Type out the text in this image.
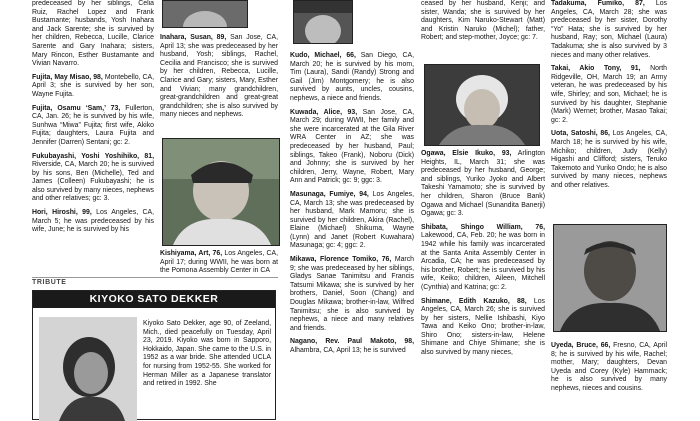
predeceased by her siblings, Celia Ruiz, Rachel Lopez and Frank Bustamante; husbands, Yosh Inahara and Jack Sarente; she is survived by her children, Rebecca, Lucille, Clarice Sarente and Gary Inahara; sisters, Mary Rincon, Esther Bustamante and Vivian Navarro.

Fujita, May Misao, 98, Montebello, CA, April 3; she is survived by her son, Wayne Fujita.

Fujita, Osamu ‘Sam,’ 73, Fullerton, CA, Jan. 26; he is survived by his wife, Sunhwa “Miwa” Fujita; first wife, Akiko Fujita; daughters, Laura Fujita and Jennifer (Darren) Sentani; gc: 2.

Fukubayashi, Yoshi Yoshihiko, 81, Riverside, CA, March 20; he is survived by his sons, Ben (Michelle), Ted and James (Colleen) Fukubayashi; he is also survived by many nieces, nephews and other relatives; gc: 3.

Hori, Hiroshi, 99, Los Angeles, CA, March 5; he was predeceased by his wife, June; he is survived by his

TRIBUTE
KIYOKO SATO DEKKER
Kiyoko Sato Dekker, age 90, of Zeeland, Mich., died peacefully on Tuesday, April 23, 2019. Kiyoko was born in Sapporo, Hokkaido, Japan. She came to the U.S. in 1952 as a war bride. She attended UCLA for nursing from 1952-55. She worked for Herman Miller as a Japanese translator and retired in 1992. She

Inahara, Susan, 89, San Jose, CA, April 13; she was predeceased by her husband, Yosh; siblings, Rachel, Cecilia and Francisco; she is survived by her children, Rebecca, Lucille, Clarice and Gary; sisters, Mary, Esther and Vivian; many grandchildren, great-grandchildren and great-great grandchildren; she is also survived by many nieces and nephews.

Kishiyama, Art, 76, Los Angeles, CA, April 17; during WWII, he was born at the Pomona Assembly Center in CA

Kudo, Michael, 66, San Diego, CA, March 20; he is survived by his mom, Tim (Laura), Sandi (Randy) Strong and Gail (Jim) Montgomery; he is also survived by aunts, uncles, cousins, nephews, a niece and friends.

Kuwada, Alice, 93, San Jose, CA, March 29; during WWII, her family and she were incarcerated at the Gila River WRA Center in AZ; she was predeceased by her husband, Paul; siblings, Takeo (Frank), Noboru (Dick) and Johnny; she is survived by her children, Jerry, Wayne, Robert, Mary Ann and Patrick; gc: 9; ggc: 3.

Masunaga, Fumiye, 94, Los Angeles, CA, March 13; she was predeceased by her husband, Mark Mamoru; she is survived by her children, Akira (Rachel), Elaine (Michael) Shikuma, Wayne (Lynn) and Janet (Robert Kuwahara) Masunaga; gc: 4; ggc: 2.

Mikawa, Florence Tomiko, 76, March 9; she was predeceased by her siblings, Gladys Sanae Tanimitsu and Francis Tatsumi Mikawa; she is survived by her brothers, Daniel, Soon (Chang) and Douglas Mikawa; brother-in-law, Wilfred Tanimitsu; she is also survived by nephews, a niece and many relatives and friends.

Nagano, Rev. Paul Makoto, 98, Alhambra, CA, April 13; he is survived

ceased by her husband, Kenji; and sister, Wanda; she is survived by her daughters, Kim Naruko-Stewart (Matt) and Kristin Naruko (Michel); father, Robert; and step-mother, Joyce; gc: 7.

Ogawa, Elsie Ikuko, 93, Arlington Heights, IL, March 31; she was predeceased by her husband, George; and siblings, Yuriko Jyoko and Albert Takeshi Yamamoto; she is survived by her children, Sharon (Bruce Bank) Ogawa and Michael (Sunandita Banerji) Ogawa; gc: 3.

Shibata, Shingo William, 76, Lakewood, CA, Feb. 20; he was born in 1942 while his family was incarcerated at the Santa Anita Assembly Center in Arcadia, CA; he was predeceased by his brother, Robert; he is survived by his wife, Keiko; children, Aileen, Mitchell (Cynthia) and Katrina; gc: 2.

Shimane, Edith Kazuko, 88, Los Angeles, CA, March 26; she is survived by her sisters, Nellie Ishibashi, Kiyo Tawa and Keiko Ono; brother-in-law, Shiro Ono; sisters-in-law, Helene Shimane and Chiye Shimane; she is also survived by many nieces,

Tadakuma, Fumiko, 87, Los Angeles, CA, March 28; she was predeceased by her sister, Dorothy “Yo” Hata; she is survived by her husband, Ray; son, Michael (Laura) Tadakuma; she is also survived by 3 nieces and many other relatives.

Takai, Akio Tony, 91, North Ridgeville, OH, March 19; an Army veteran, he was predeceased by his wife, Shirley; and son, Michael; he is survived by his daughter, Stephanie (Mark) Wernet; brother, Masao Takai; gc: 2.

Uota, Satoshi, 86, Los Angeles, CA, March 18; he is survived by his wife, Michiko; children, Judy (Kelly) Higashi and Clifford; sisters, Teruko Takemoto and Yuriko Ondo; he is also survived by many nieces, nephews and other relatives.

Uyeda, Bruce, 66, Fresno, CA, April 8; he is survived by his wife, Rachel; mother, Mary; daughters, Devan Uyeda and Corey (Kyle) Hammack; he is also survived by many nephews, nieces and cousins.
